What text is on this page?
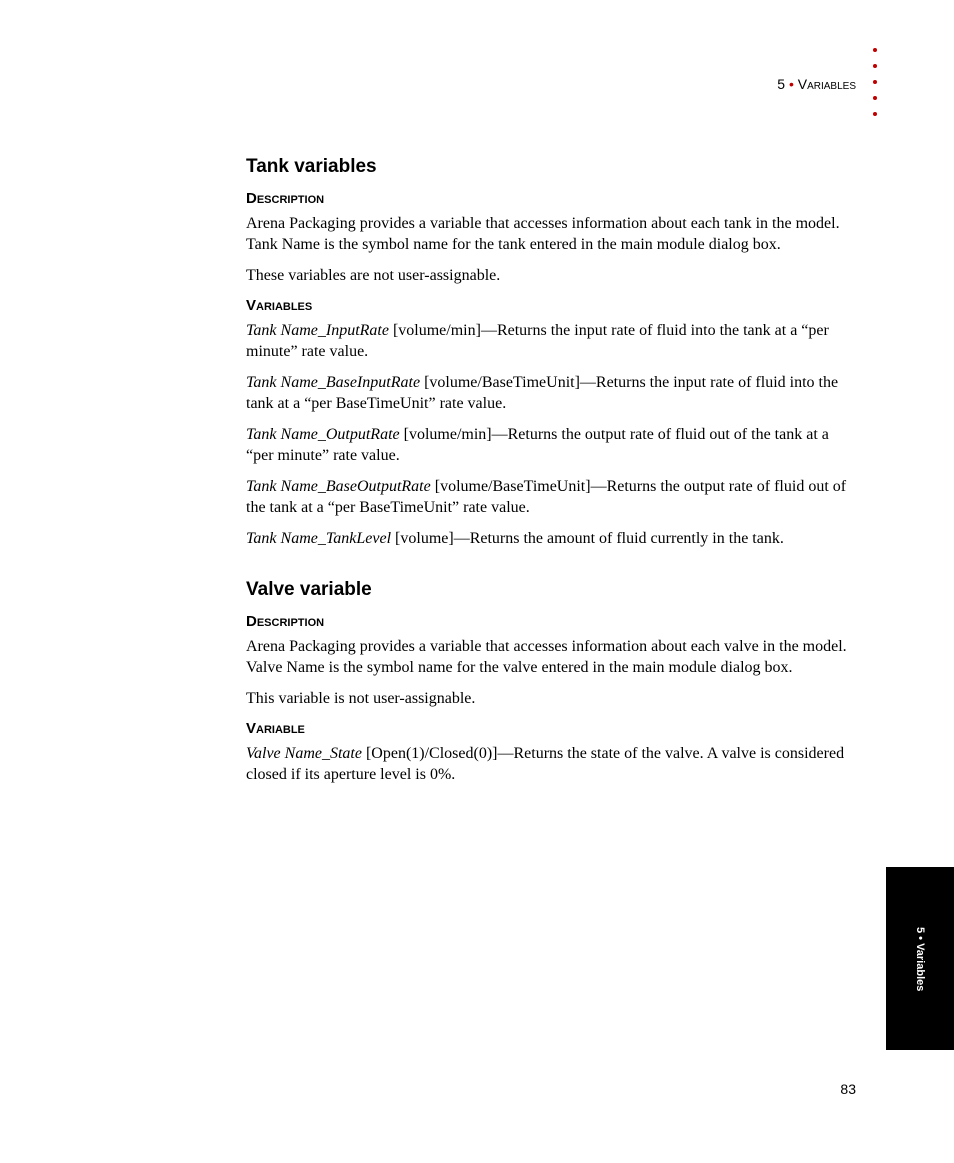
5 • Variables
Tank variables
Description

Arena Packaging provides a variable that accesses information about each tank in the model. Tank Name is the symbol name for the tank entered in the main module dialog box.

These variables are not user-assignable.

Variables

Tank Name_InputRate [volume/min]—Returns the input rate of fluid into the tank at a “per minute” rate value.

Tank Name_BaseInputRate [volume/BaseTimeUnit]—Returns the input rate of fluid into the tank at a “per BaseTimeUnit” rate value.

Tank Name_OutputRate [volume/min]—Returns the output rate of fluid out of the tank at a “per minute” rate value.

Tank Name_BaseOutputRate [volume/BaseTimeUnit]—Returns the output rate of fluid out of the tank at a “per BaseTimeUnit” rate value.

Tank Name_TankLevel [volume]—Returns the amount of fluid currently in the tank.

Valve variable
Description

Arena Packaging provides a variable that accesses information about each valve in the model. Valve Name is the symbol name for the valve entered in the main module dialog box.

This variable is not user-assignable.

Variable

Valve Name_State [Open(1)/Closed(0)]—Returns the state of the valve. A valve is considered closed if its aperture level is 0%.

5 • Variables
83
